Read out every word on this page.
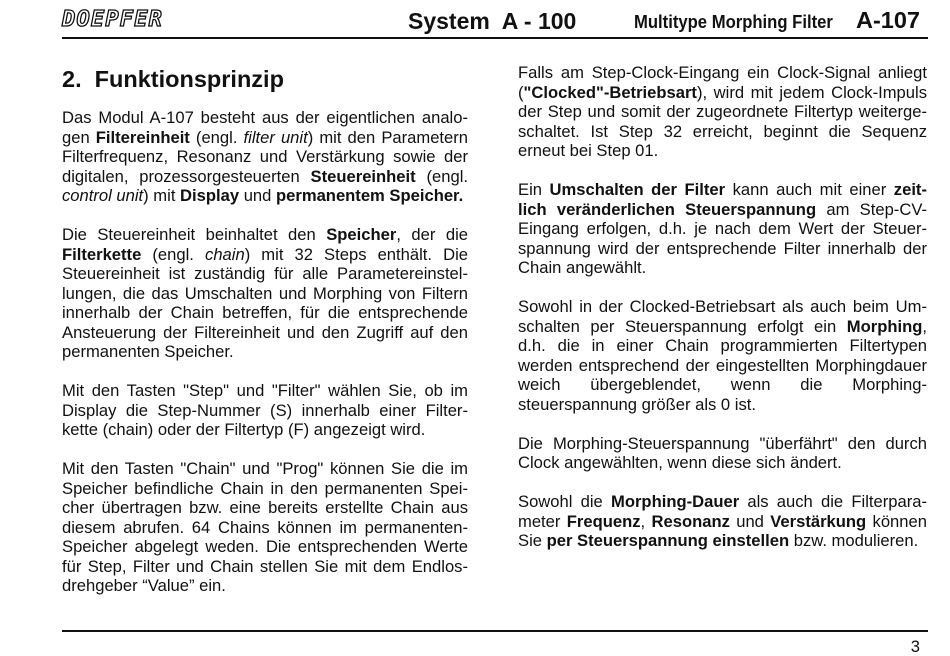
DOEPFER	System  A - 100	Multitype Morphing Filter A-107
2.  Funktionsprinzip
Das Modul A-107 besteht aus der eigentlichen analo-
gen Filtereinheit (engl. filter unit) mit den Parametern
Filterfrequenz, Resonanz und Verstärkung sowie der
digitalen, prozessorgesteuerten Steuereinheit (engl.
control unit) mit Display und permanentem Speicher.
Die Steuereinheit beinhaltet den Speicher, der die
Filterkette (engl. chain) mit 32 Steps enthält. Die
Steuereinheit ist zuständig für alle Parametereinstel-
lungen, die das Umschalten und Morphing von Filtern
innerhalb der Chain betreffen, für die entsprechende
Ansteuerung der Filtereinheit und den Zugriff auf den
permanenten Speicher.
Mit den Tasten "Step" und "Filter" wählen Sie, ob im
Display die Step-Nummer (S) innerhalb einer Filter-
kette (chain) oder der Filtertyp (F) angezeigt wird.
Mit den Tasten "Chain" und "Prog" können Sie die im
Speicher befindliche Chain in den permanenten Spei-
cher übertragen bzw. eine bereits erstellte Chain aus
diesem abrufen. 64 Chains können im permanenten-
Speicher abgelegt weden. Die entsprechenden Werte
für Step, Filter und Chain stellen Sie mit dem Endlos-
drehgeber “Value” ein.
Falls am Step-Clock-Eingang ein Clock-Signal anliegt
("Clocked"-Betriebsart), wird mit jedem Clock-Impuls
der Step und somit der zugeordnete Filtertyp weiterge-
schaltet. Ist Step 32 erreicht, beginnt die Sequenz
erneut bei Step 01.
Ein Umschalten der Filter kann auch mit einer zeit-
lich veränderlichen Steuerspannung am Step-CV-
Eingang erfolgen, d.h. je nach dem Wert der Steuer-
spannung wird der entsprechende Filter innerhalb der
Chain angewählt.
Sowohl in der Clocked-Betriebsart als auch beim Um-
schalten per Steuerspannung erfolgt ein Morphing,
d.h. die in einer Chain programmierten Filtertypen
werden entsprechend der eingestellten Morphingdauer
weich übergeblendet, wenn die Morphing-
steuerspannung größer als 0 ist.
Die Morphing-Steuerspannung "überfährt" den durch
Clock angewählten, wenn diese sich ändert.
Sowohl die Morphing-Dauer als auch die Filterpara-
meter Frequenz, Resonanz und Verstärkung können
Sie per Steuerspannung einstellen bzw. modulieren.
3
